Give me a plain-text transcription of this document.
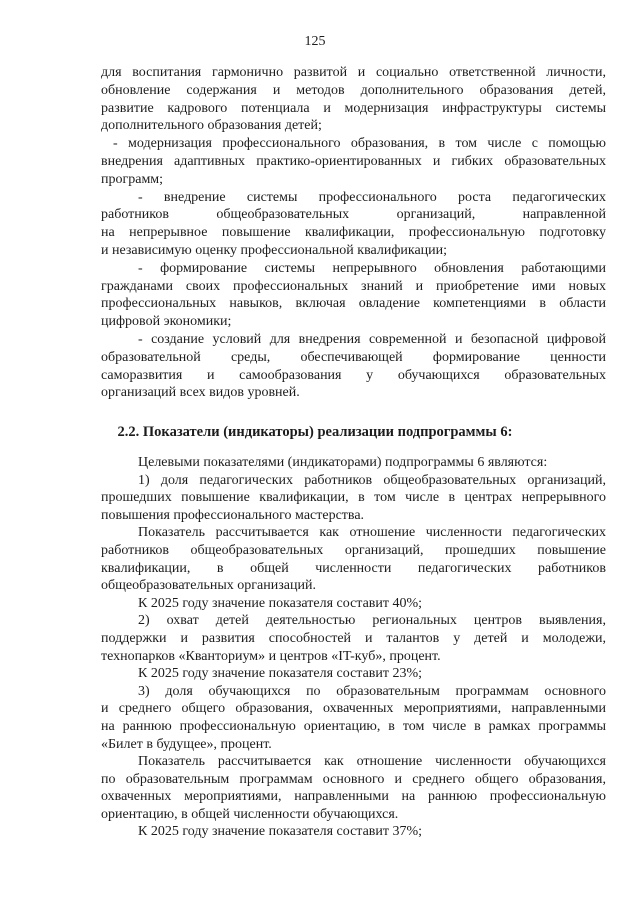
125
для воспитания гармонично развитой и социально ответственной личности,
обновление содержания и методов дополнительного образования детей,
развитие кадрового потенциала и модернизация инфраструктуры системы
дополнительного образования детей;
- модернизация профессионального образования, в том числе с помощью
внедрения адаптивных практико-ориентированных и гибких образовательных
программ;
- внедрение системы профессионального роста педагогических
работников общеобразовательных организаций, направленной
на непрерывное повышение квалификации, профессиональную подготовку
и независимую оценку профессиональной квалификации;
- формирование системы непрерывного обновления работающими
гражданами своих профессиональных знаний и приобретение ими новых
профессиональных навыков, включая овладение компетенциями в области
цифровой экономики;
- создание условий для внедрения современной и безопасной цифровой
образовательной среды, обеспечивающей формирование ценности
саморазвития и самообразования у обучающихся образовательных
организаций всех видов уровней.
2.2. Показатели (индикаторы) реализации подпрограммы 6:
Целевыми показателями (индикаторами) подпрограммы 6 являются:
1) доля педагогических работников общеобразовательных организаций,
прошедших повышение квалификации, в том числе в центрах непрерывного
повышения профессионального мастерства.
Показатель рассчитывается как отношение численности педагогических
работников общеобразовательных организаций, прошедших повышение
квалификации, в общей численности педагогических работников
общеобразовательных организаций.
К 2025 году значение показателя составит 40%;
2) охват детей деятельностью региональных центров выявления,
поддержки и развития способностей и талантов у детей и молодежи,
технопарков «Кванториум» и центров «IT-куб», процент.
К 2025 году значение показателя составит 23%;
3) доля обучающихся по образовательным программам основного
и среднего общего образования, охваченных мероприятиями, направленными
на раннюю профессиональную ориентацию, в том числе в рамках программы
«Билет в будущее», процент.
Показатель рассчитывается как отношение численности обучающихся
по образовательным программам основного и среднего общего образования,
охваченных мероприятиями, направленными на раннюю профессиональную
ориентацию, в общей численности обучающихся.
К 2025 году значение показателя составит 37%;
